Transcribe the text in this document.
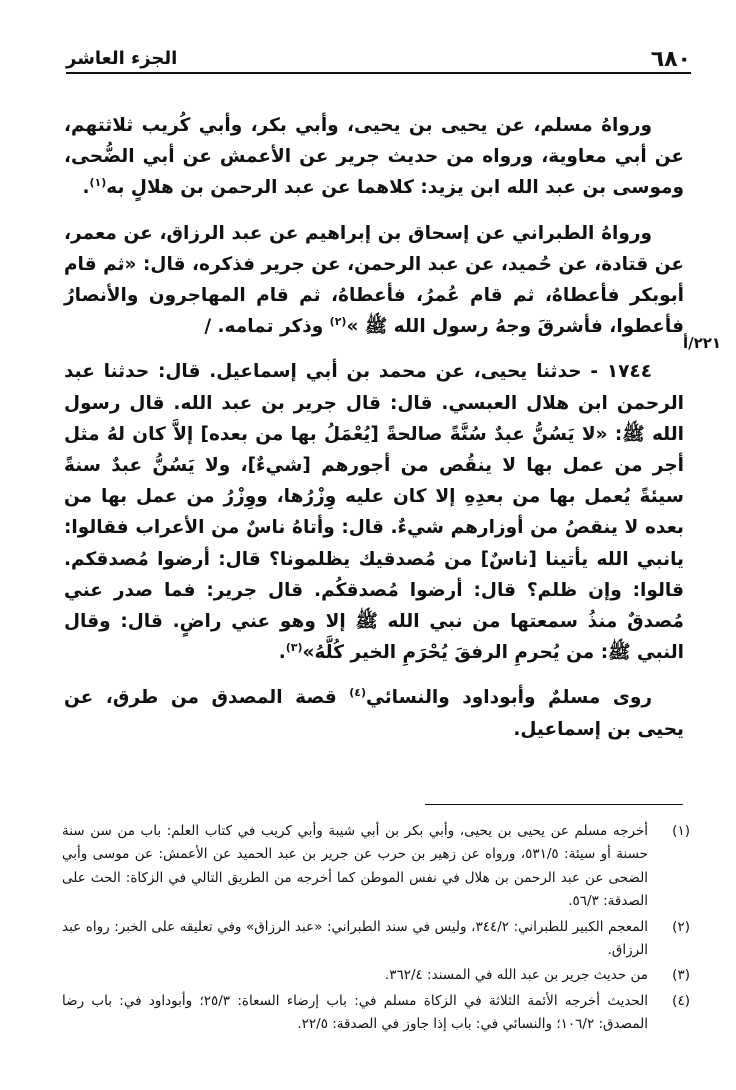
٦٨٠
الجزء العاشر
٢٢١/أ

ورواهُ مسلم، عن يحيى بن يحيى، وأبي بكر، وأبي كُريب ثلاثتهم، عن أبي معاوية، ورواه من حديث جرير عن الأعمش عن أبي الضُّحى، وموسى بن عبد الله ابن يزيد: كلاهما عن عبد الرحمن بن هلالٍ به$^{(١)}$.

ورواهُ الطبراني عن إسحاق بن إبراهيم عن عبد الرزاق، عن معمر، عن قتادة، عن حُميد، عن عبد الرحمن، عن جرير فذكره، قال: «ثم قام أبوبكر فأعطاهُ، ثم قام عُمرُ، فأعطاهُ، ثم قام المهاجرون والأنصارُ فأعطوا، فأشرقَ وجهُ رسول الله ﷺ »$^{(٢)}$ وذكر تمامه. /

١٧٤٤ - حدثنا يحيى، عن محمد بن أبي إسماعيل. قال: حدثنا عبد الرحمن ابن هلال العبسي. قال: قال جرير بن عبد الله. قال رسول الله ﷺ: «لا يَسُنُّ عبدٌ سُنَّةً صالحةً [يُعْمَلُ بها من بعده] إلاَّ كان لهُ مثل أجر من عمل بها لا ينقُص من أجورهم [شيءٌ]، ولا يَسُنُّ عبدٌ سنةً سيئةً يُعمل بها من بعدِهِ إلا كان عليه وِزْرُها، ووِزْرُ من عمل بها من بعده لا ينقصُ من أوزارهم شيءٌ. قال: وأتاهُ ناسٌ من الأعراب فقالوا: يانبي الله يأتينا [ناسٌ] من مُصدقيك يظلمونا؟ قال: أرضوا مُصدقكم. قالوا: وإن ظلم؟ قال: أرضوا مُصدقكُم. قال جرير: فما صدر عني مُصدقٌ منذُ سمعتها من نبي الله ﷺ إلا وهو عني راضٍ. قال: وقال النبي ﷺ: من يُحرمِ الرفقَ يُحْرَمِ الخير كُلَّهُ»$^{(٣)}$.

روى مسلمٌ وأبوداود والنسائي$^{(٤)}$ قصة المصدق من طرق، عن يحيى بن إسماعيل.

(١)
أخرجه مسلم عن يحيى بن يحيى، وأبي بكر بن أبي شيبة وأبي كريب في كتاب العلم: باب من سن سنة حسنة أو سيئة: ٥٣١/٥، ورواه عن زهير بن حرب عن جرير بن عبد الحميد عن الأعمش: عن موسى وأبي الضحى عن عبد الرحمن بن هلال في نفس الموطن كما أخرجه من الطريق التالي في الزكاة: الحث على الصدقة: ٥٦/٣.
(٢)
المعجم الكبير للطبراني: ٣٤٤/٢، وليس في سند الطبراني: «عبد الرزاق» وفي تعليقه على الخبر: رواه عبد الرزاق.
(٣)
من حديث جرير بن عبد الله في المسند: ٣٦٢/٤.
(٤)
الحديث أخرجه الأئمة الثلاثة في الزكاة مسلم في: باب إرضاء السعاة: ٢٥/٣؛ وأبوداود في: باب رضا المصدق: ١٠٦/٢؛ والنسائي في: باب إذا جاوز في الصدقة: ٢٢/٥.
